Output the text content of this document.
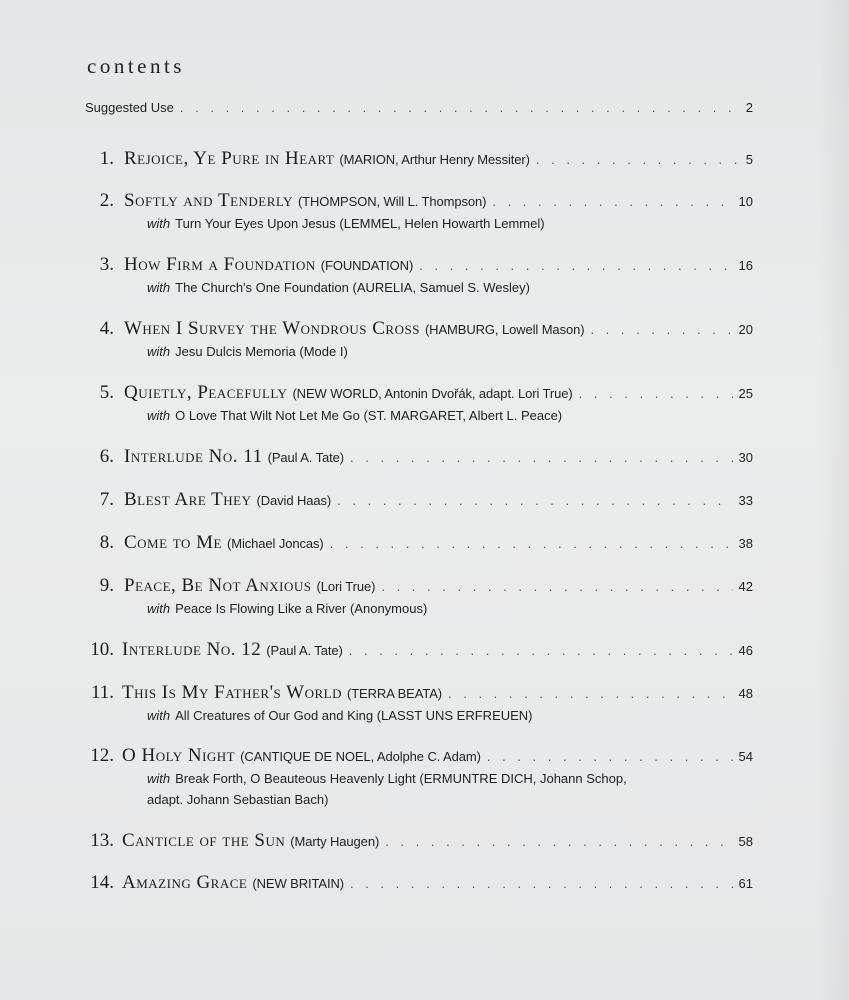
contents
Suggested Use . . .	2
1. Rejoice, Ye Pure in Heart (MARION, Arthur Henry Messiter) . . .	5
2. Softly and Tenderly (THOMPSON, Will L. Thompson) . . .	10
with Turn Your Eyes Upon Jesus (LEMMEL, Helen Howarth Lemmel)
3. How Firm a Foundation (FOUNDATION) . . .	16
with The Church's One Foundation (AURELIA, Samuel S. Wesley)
4. When I Survey the Wondrous Cross (HAMBURG, Lowell Mason) . . .	20
with Jesu Dulcis Memoria (Mode I)
5. Quietly, Peacefully (NEW WORLD, Antonin Dvořák, adapt. Lori True) . . .	25
with O Love That Wilt Not Let Me Go (ST. MARGARET, Albert L. Peace)
6. Interlude No. 11 (Paul A. Tate) . . .	30
7. Blest Are They (David Haas) . . .	33
8. Come to Me (Michael Joncas) . . .	38
9. Peace, Be Not Anxious (Lori True) . . .	42
with Peace Is Flowing Like a River (Anonymous)
10. Interlude No. 12 (Paul A. Tate) . . .	46
11. This Is My Father's World (TERRA BEATA) . . .	48
with All Creatures of Our God and King (LASST UNS ERFREUEN)
12. O Holy Night (CANTIQUE DE NOEL, Adolphe C. Adam) . . .	54
with Break Forth, O Beauteous Heavenly Light (ERMUNTRE DICH, Johann Schop,
adapt. Johann Sebastian Bach)
13. Canticle of the Sun (Marty Haugen) . . .	58
14. Amazing Grace (NEW BRITAIN) . . .	61
